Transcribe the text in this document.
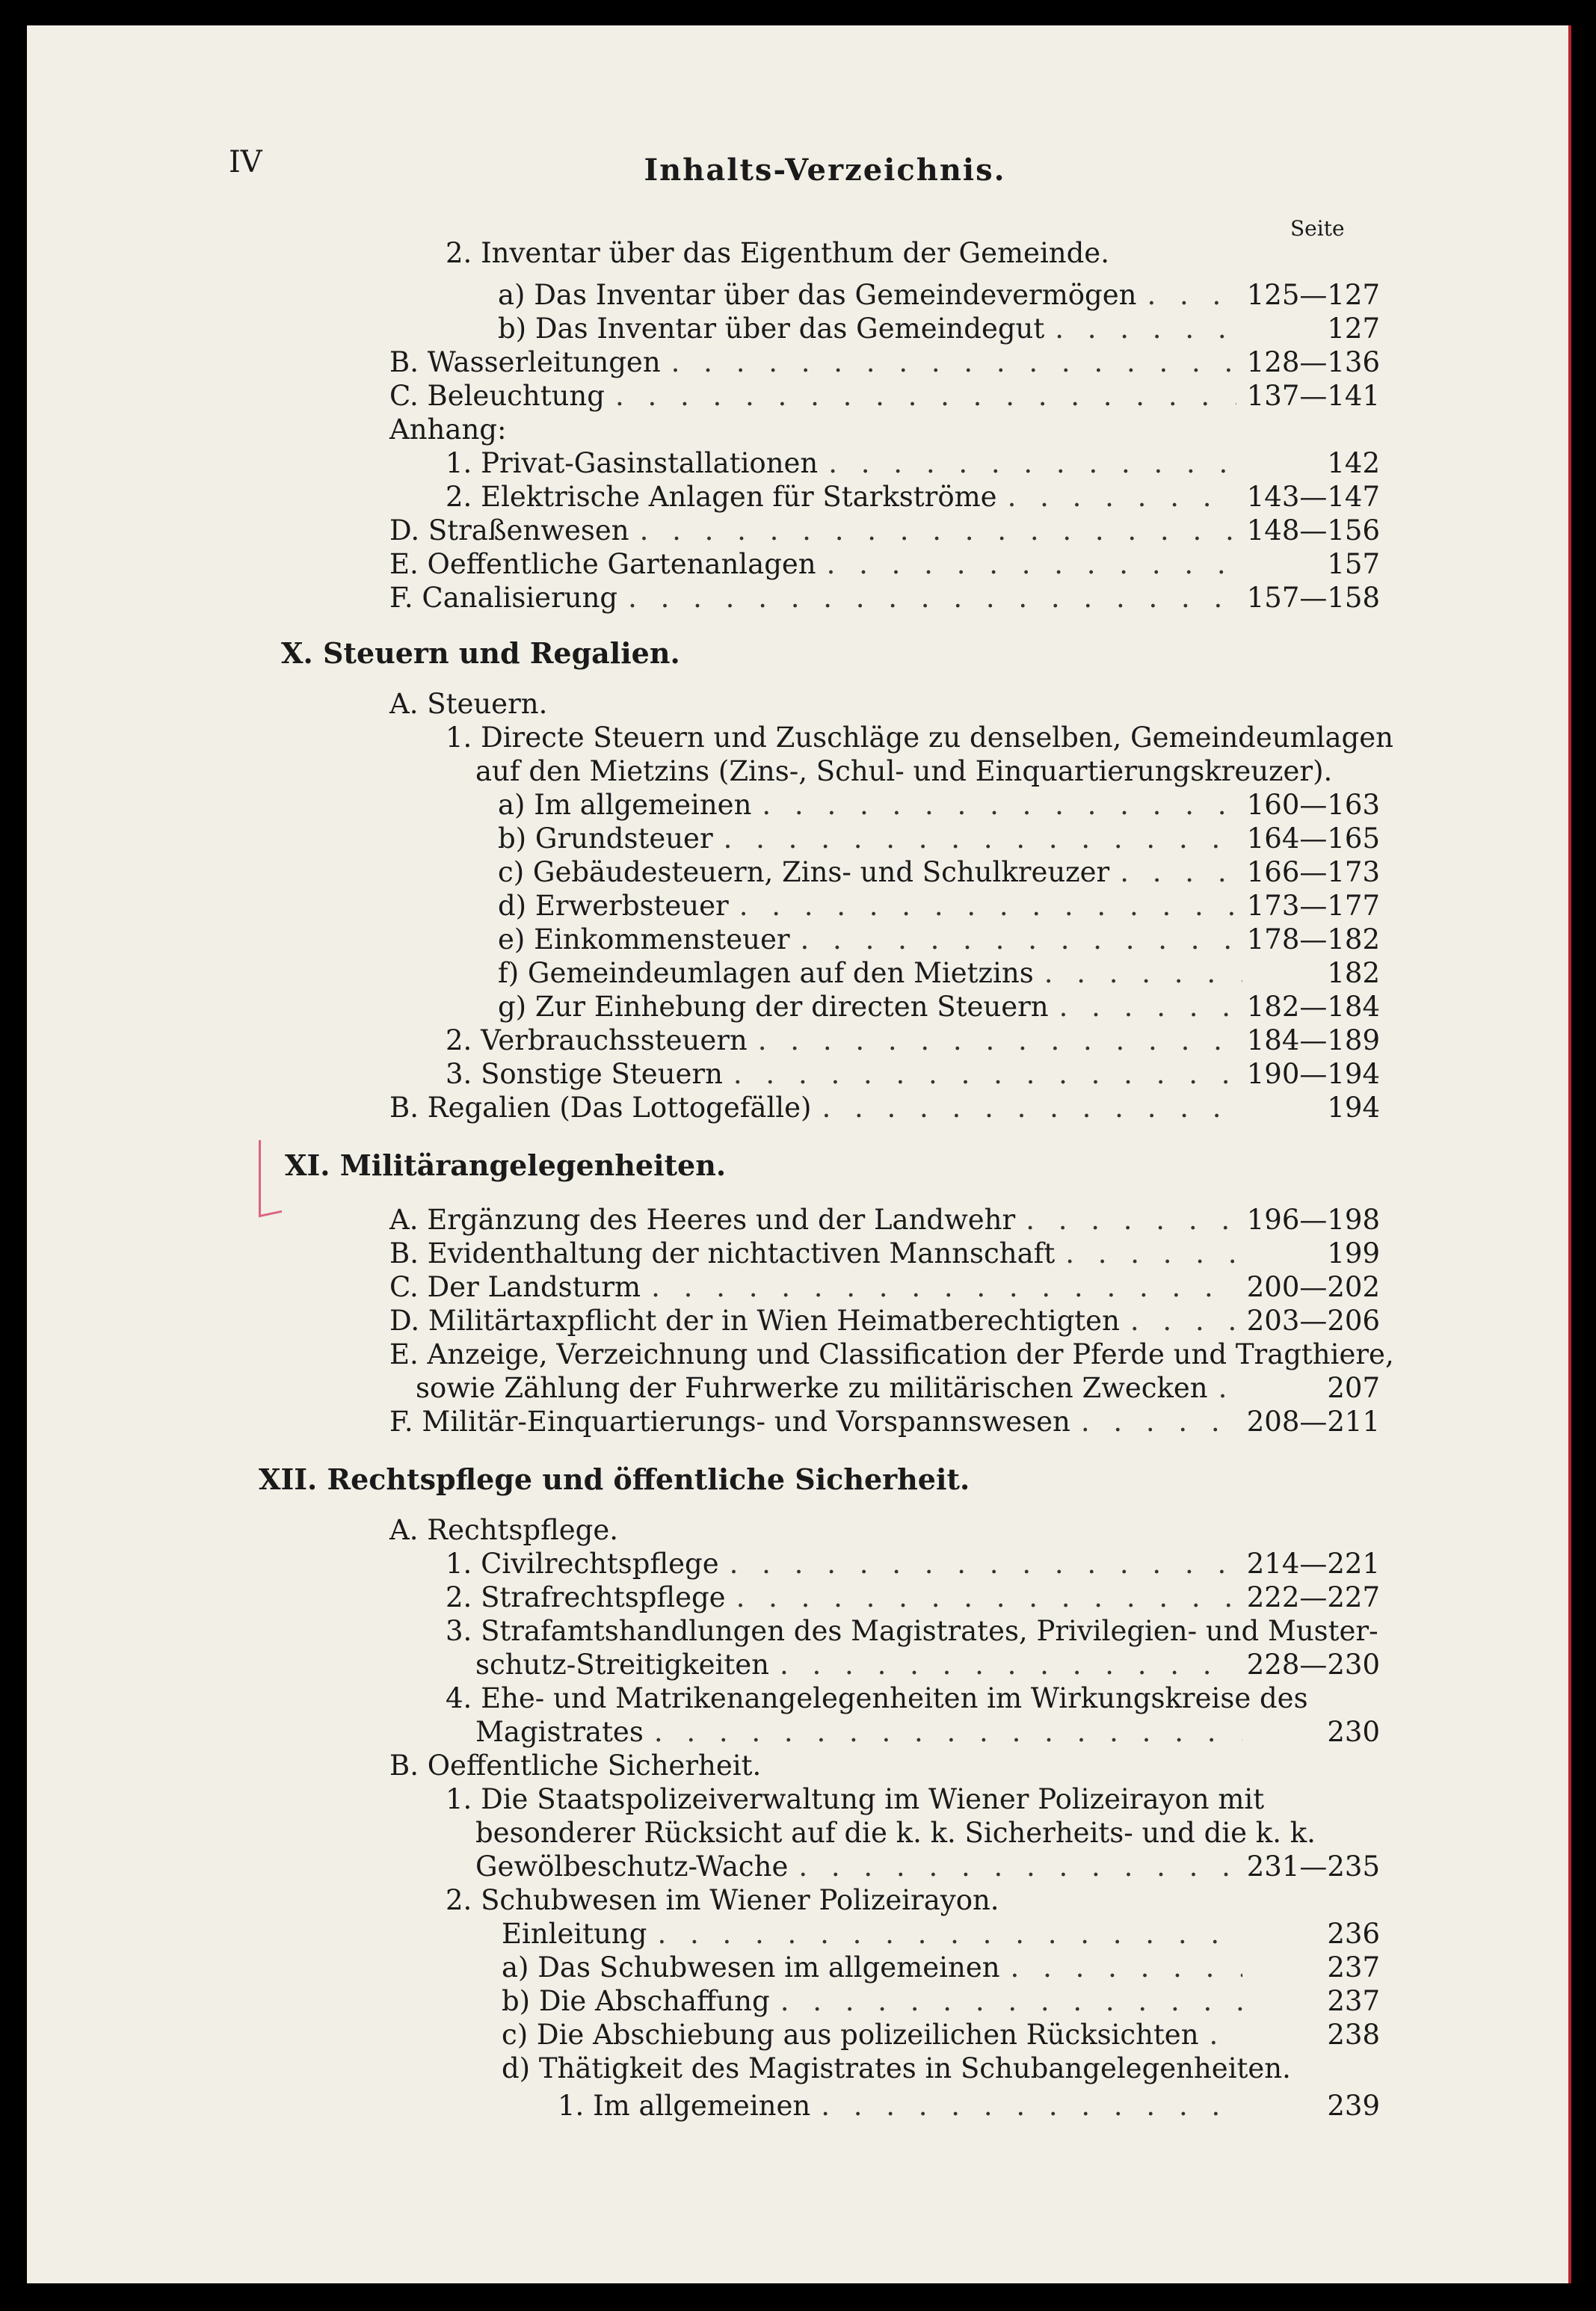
IV	Inhalts-Verzeichnis.
Seite
2. Inventar über das Eigenthum der Gemeinde.
a) Das Inventar über das Gemeindevermögen . . .	125—127
b) Das Inventar über das Gemeindegut . . .	127
B. Wasserleitungen . . .	128—136
C. Beleuchtung . . .	137—141
Anhang:
1. Privat-Gasinstallationen . . .	142
2. Elektrische Anlagen für Starkströme . . .	143—147
D. Straßenwesen . . .	148—156
E. Oeffentliche Gartenanlagen . . .	157
F. Canalisierung . . .	157—158
X. Steuern und Regalien.
A. Steuern.
1. Directe Steuern und Zuschläge zu denselben, Gemeindeumlagen
auf den Mietzins (Zins-, Schul- und Einquartierungskreuzer).
a) Im allgemeinen . . .	160—163
b) Grundsteuer . . .	164—165
c) Gebäudesteuern, Zins- und Schulkreuzer . . .	166—173
d) Erwerbsteuer . . .	173—177
e) Einkommensteuer . . .	178—182
f) Gemeindeumlagen auf den Mietzins . . .	182
g) Zur Einhebung der directen Steuern . . .	182—184
2. Verbrauchssteuern . . .	184—189
3. Sonstige Steuern . . .	190—194
B. Regalien (Das Lottogefälle) . . .	194
XI. Militärangelegenheiten.
A. Ergänzung des Heeres und der Landwehr . . .	196—198
B. Evidenthaltung der nichtactiven Mannschaft . . .	199
C. Der Landsturm . . .	200—202
D. Militärtaxpflicht der in Wien Heimatberechtigten . . .	203—206
E. Anzeige, Verzeichnung und Classification der Pferde und Tragthiere,
sowie Zählung der Fuhrwerke zu militärischen Zwecken . . .	207
F. Militär-Einquartierungs- und Vorspannswesen . . .	208—211
XII. Rechtspflege und öffentliche Sicherheit.
A. Rechtspflege.
1. Civilrechtspflege . . .	214—221
2. Strafrechtspflege . . .	222—227
3. Strafamtshandlungen des Magistrates, Privilegien- und Muster-
schutz-Streitigkeiten . . .	228—230
4. Ehe- und Matrikenangelegenheiten im Wirkungskreise des
Magistrates . . .	230
B. Oeffentliche Sicherheit.
1. Die Staatspolizeiverwaltung im Wiener Polizeirayon mit
besonderer Rücksicht auf die k. k. Sicherheits- und die k. k.
Gewölbeschutz-Wache . . .	231—235
2. Schubwesen im Wiener Polizeirayon.
Einleitung . . .	236
a) Das Schubwesen im allgemeinen . . .	237
b) Die Abschaffung . . .	237
c) Die Abschiebung aus polizeilichen Rücksichten . . .	238
d) Thätigkeit des Magistrates in Schubangelegenheiten.
1. Im allgemeinen . . .	239
